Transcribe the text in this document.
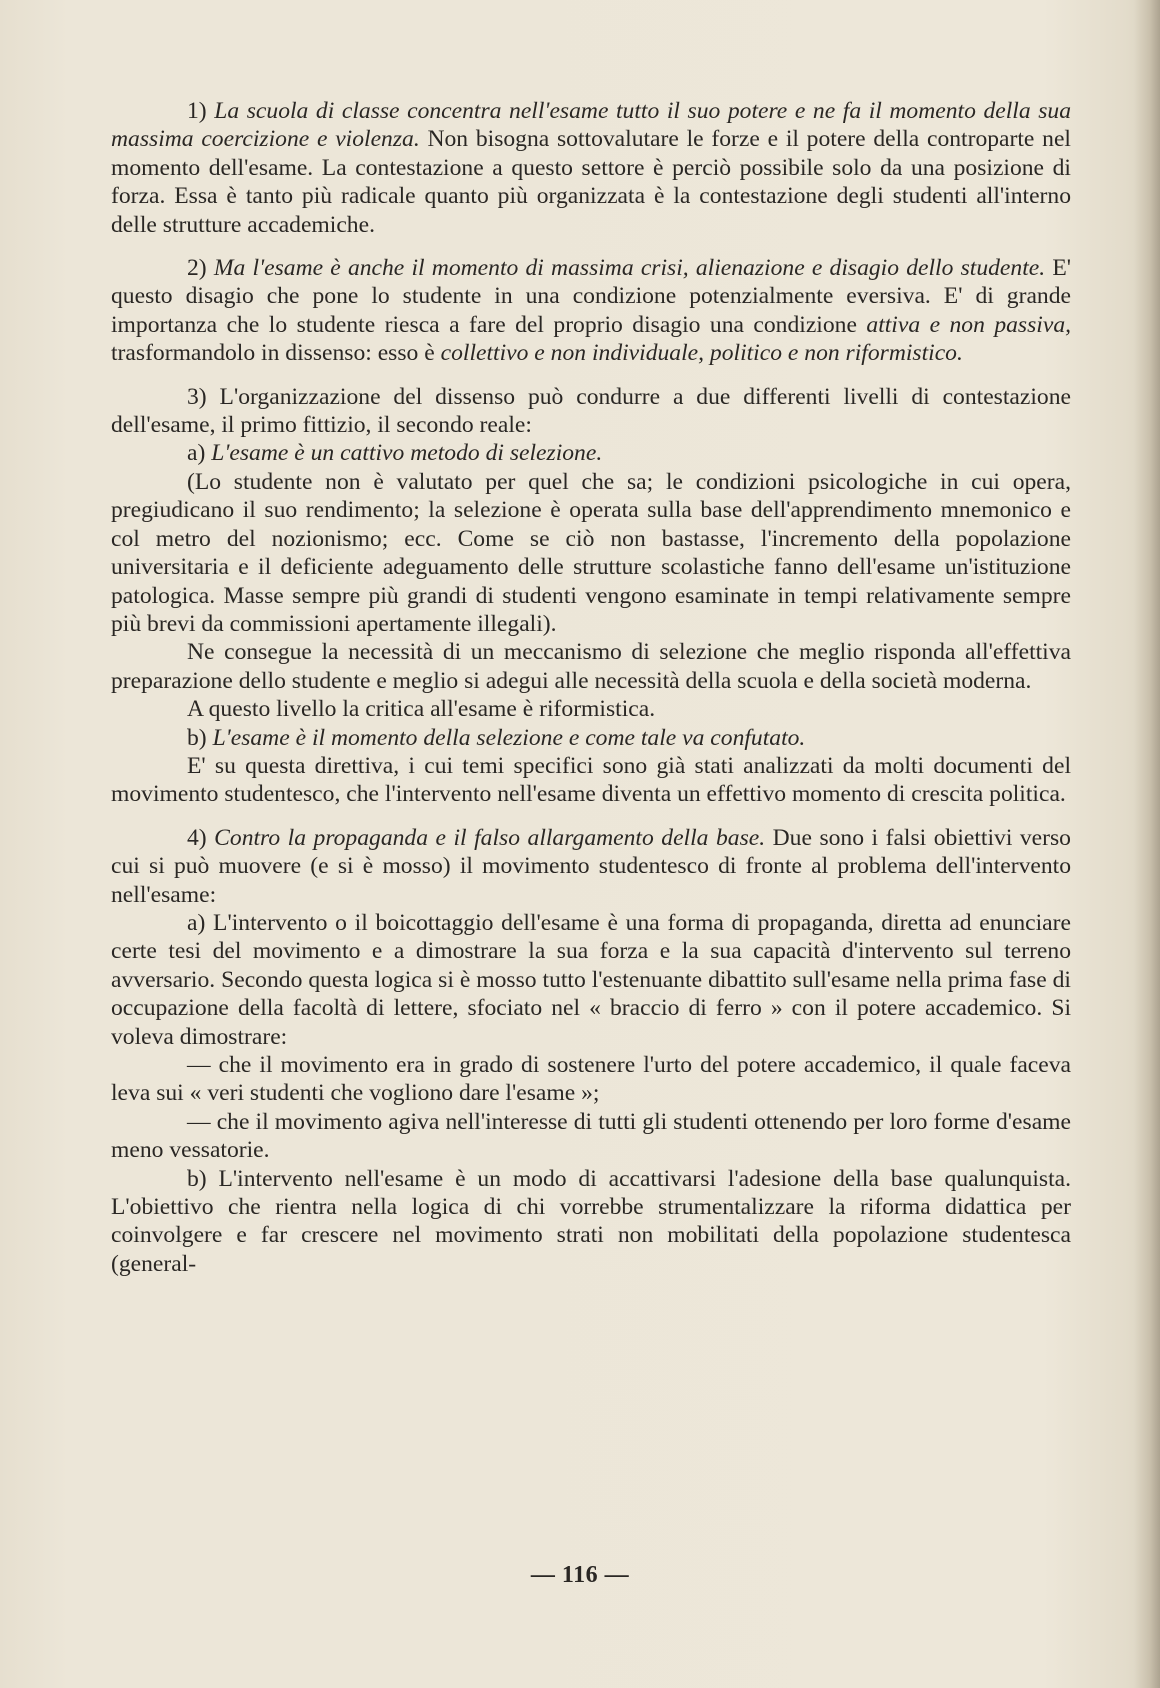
1) La scuola di classe concentra nell'esame tutto il suo potere e ne fa il momento della sua massima coercizione e violenza. Non bisogna sottovalutare le forze e il potere della controparte nel momento dell'esame. La contestazione a questo settore è perciò possibile solo da una posizione di forza. Essa è tanto più radicale quanto più organizzata è la contestazione degli studenti all'interno delle strutture accademiche.

2) Ma l'esame è anche il momento di massima crisi, alienazione e disagio dello studente. E' questo disagio che pone lo studente in una condizione potenzialmente eversiva. E' di grande importanza che lo studente riesca a fare del proprio disagio una condizione attiva e non passiva, trasformandolo in dissenso: esso è collettivo e non individuale, politico e non riformistico.

3) L'organizzazione del dissenso può condurre a due differenti livelli di contestazione dell'esame, il primo fittizio, il secondo reale:

a) L'esame è un cattivo metodo di selezione.

(Lo studente non è valutato per quel che sa; le condizioni psicologiche in cui opera, pregiudicano il suo rendimento; la selezione è operata sulla base dell'apprendimento mnemonico e col metro del nozionismo; ecc. Come se ciò non bastasse, l'incremento della popolazione universitaria e il deficiente adeguamento delle strutture scolastiche fanno dell'esame un'istituzione patologica. Masse sempre più grandi di studenti vengono esaminate in tempi relativamente sempre più brevi da commissioni apertamente illegali).

Ne consegue la necessità di un meccanismo di selezione che meglio risponda all'effettiva preparazione dello studente e meglio si adegui alle necessità della scuola e della società moderna.

A questo livello la critica all'esame è riformistica.

b) L'esame è il momento della selezione e come tale va confutato.

E' su questa direttiva, i cui temi specifici sono già stati analizzati da molti documenti del movimento studentesco, che l'intervento nell'esame diventa un effettivo momento di crescita politica.

4) Contro la propaganda e il falso allargamento della base. Due sono i falsi obiettivi verso cui si può muovere (e si è mosso) il movimento studentesco di fronte al problema dell'intervento nell'esame:

a) L'intervento o il boicottaggio dell'esame è una forma di propaganda, diretta ad enunciare certe tesi del movimento e a dimostrare la sua forza e la sua capacità d'intervento sul terreno avversario. Secondo questa logica si è mosso tutto l'estenuante dibattito sull'esame nella prima fase di occupazione della facoltà di lettere, sfociato nel « braccio di ferro » con il potere accademico. Si voleva dimostrare:

— che il movimento era in grado di sostenere l'urto del potere accademico, il quale faceva leva sui « veri studenti che vogliono dare l'esame »;

— che il movimento agiva nell'interesse di tutti gli studenti ottenendo per loro forme d'esame meno vessatorie.

b) L'intervento nell'esame è un modo di accattivarsi l'adesione della base qualunquista. L'obiettivo che rientra nella logica di chi vorrebbe strumentalizzare la riforma didattica per coinvolgere e far crescere nel movimento strati non mobilitati della popolazione studentesca (general-

— 116 —
